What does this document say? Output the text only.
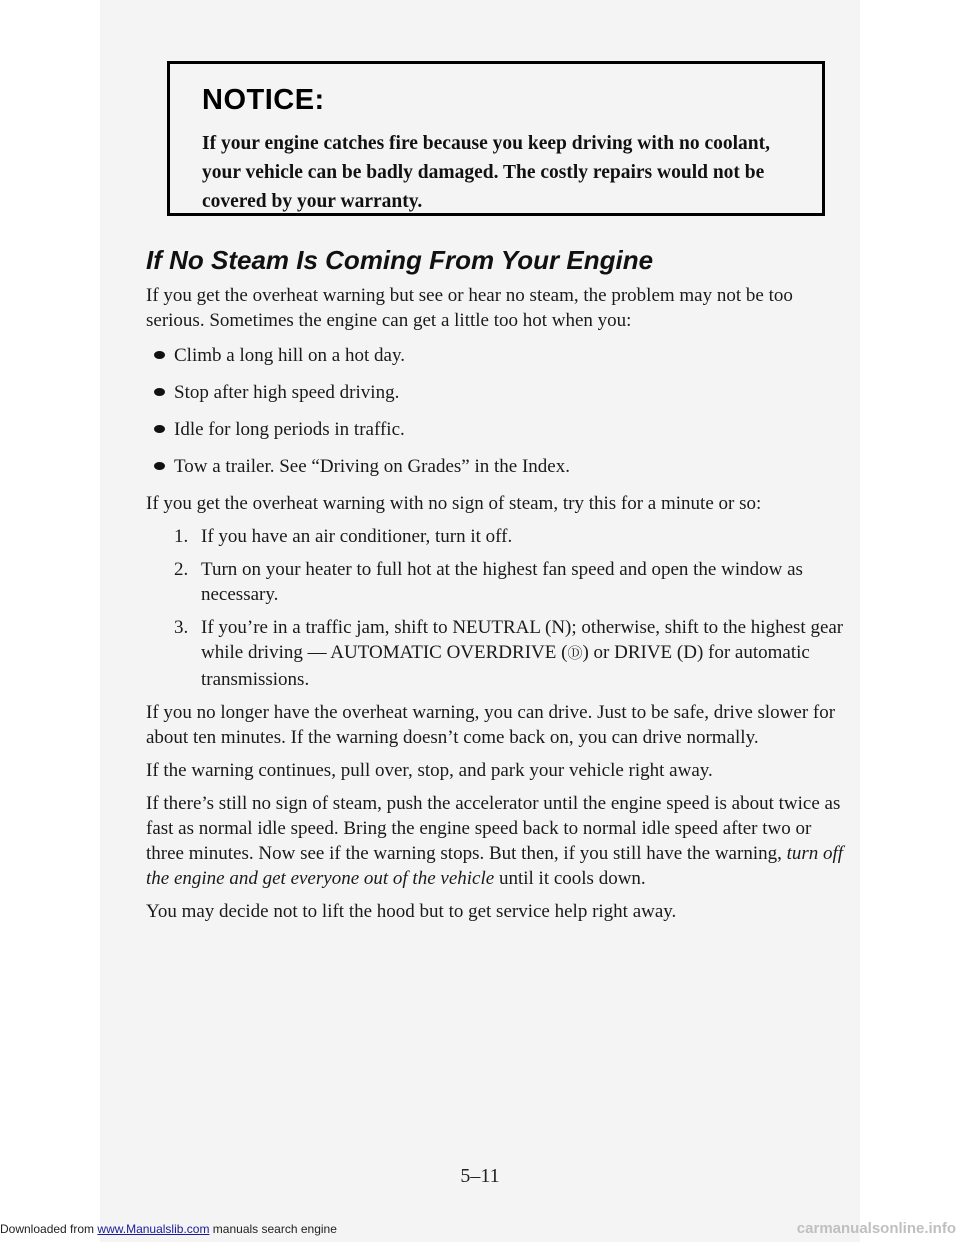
NOTICE:

If your engine catches fire because you keep driving with no coolant, your vehicle can be badly damaged. The costly repairs would not be covered by your warranty.

If No Steam Is Coming From Your Engine

If you get the overheat warning but see or hear no steam, the problem may not be too serious. Sometimes the engine can get a little too hot when you:

Climb a long hill on a hot day.
Stop after high speed driving.
Idle for long periods in traffic.
Tow a trailer. See “Driving on Grades” in the Index.

If you get the overheat warning with no sign of steam, try this for a minute or so:

1. If you have an air conditioner, turn it off.
2. Turn on your heater to full hot at the highest fan speed and open the window as necessary.
3. If you’re in a traffic jam, shift to NEUTRAL (N); otherwise, shift to the highest gear while driving — AUTOMATIC OVERDRIVE (Ⓓ) or DRIVE (D) for automatic transmissions.

If you no longer have the overheat warning, you can drive. Just to be safe, drive slower for about ten minutes. If the warning doesn’t come back on, you can drive normally.

If the warning continues, pull over, stop, and park your vehicle right away.

If there’s still no sign of steam, push the accelerator until the engine speed is about twice as fast as normal idle speed. Bring the engine speed back to normal idle speed after two or three minutes. Now see if the warning stops. But then, if you still have the warning, turn off the engine and get everyone out of the vehicle until it cools down.

You may decide not to lift the hood but to get service help right away.

5–11
Downloaded from www.Manualslib.com manuals search engine	carmanualsonline.info
